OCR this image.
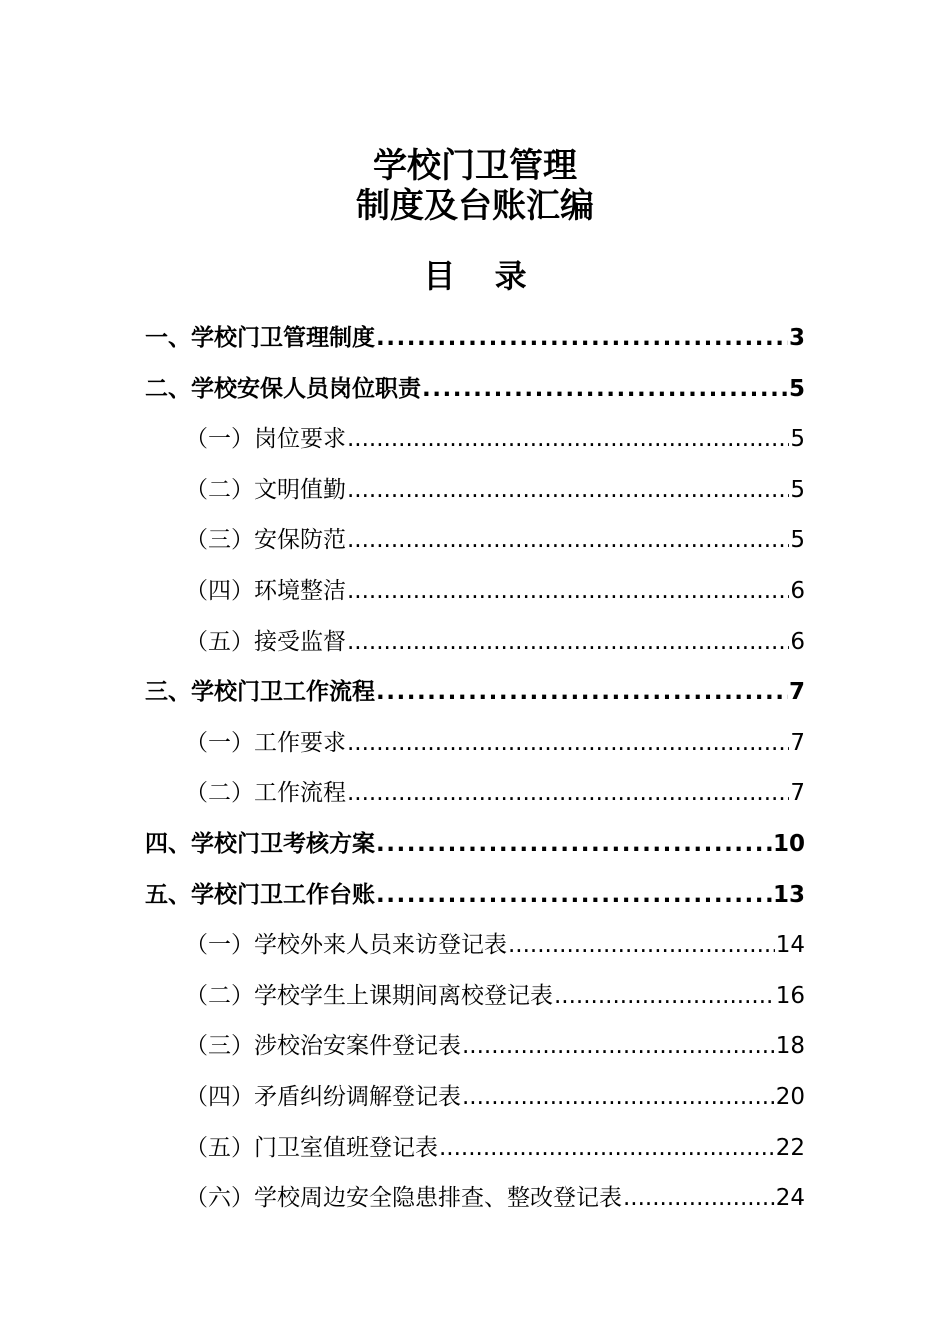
学校门卫管理
制度及台账汇编
目 录
一、学校门卫管理制度 .....	3
二、学校安保人员岗位职责 .....	5
（一）岗位要求 .....	5
（二）文明值勤 .....	5
（三）安保防范 .....	5
（四）环境整洁 .....	6
（五）接受监督 .....	6
三、学校门卫工作流程 .....	7
（一）工作要求 .....	7
（二）工作流程 .....	7
四、学校门卫考核方案 .....	10
五、学校门卫工作台账 .....	13
（一）学校外来人员来访登记表 .....	14
（二）学校学生上课期间离校登记表 .....	16
（三）涉校治安案件登记表 .....	18
（四）矛盾纠纷调解登记表 .....	20
（五）门卫室值班登记表 .....	22
（六）学校周边安全隐患排查、整改登记表 .....	24
